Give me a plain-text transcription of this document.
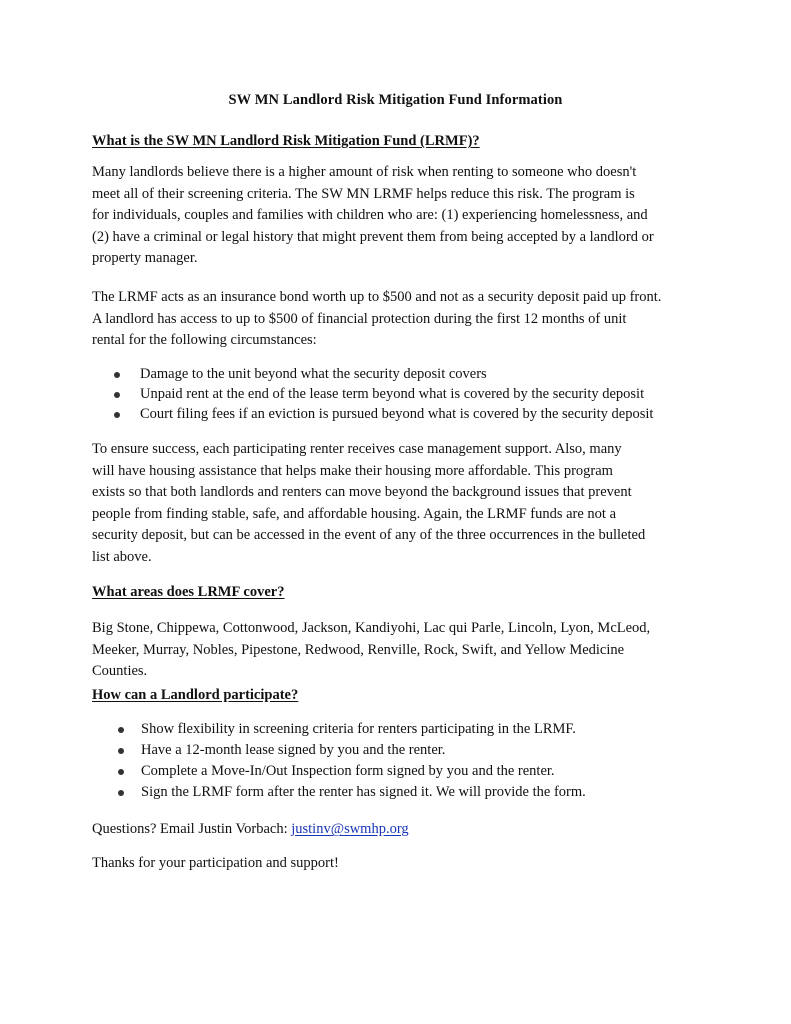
SW MN Landlord Risk Mitigation Fund Information
What is the SW MN Landlord Risk Mitigation Fund (LRMF)?
Many landlords believe there is a higher amount of risk when renting to someone who doesn't
meet all of their screening criteria. The SW MN LRMF helps reduce this risk. The program is
for individuals, couples and families with children who are: (1) experiencing homelessness, and
(2) have a criminal or legal history that might prevent them from being accepted by a landlord or
property manager.
The LRMF acts as an insurance bond worth up to $500 and not as a security deposit paid up front.
A landlord has access to up to $500 of financial protection during the first 12 months of unit
rental for the following circumstances:
Damage to the unit beyond what the security deposit covers
Unpaid rent at the end of the lease term beyond what is covered by the security deposit
Court filing fees if an eviction is pursued beyond what is covered by the security deposit
To ensure success, each participating renter receives case management support. Also, many
will have housing assistance that helps make their housing more affordable. This program
exists so that both landlords and renters can move beyond the background issues that prevent
people from finding stable, safe, and affordable housing. Again, the LRMF funds are not a
security deposit, but can be accessed in the event of any of the three occurrences in the bulleted
list above.
What areas does LRMF cover?
Big Stone, Chippewa, Cottonwood, Jackson, Kandiyohi, Lac qui Parle, Lincoln, Lyon, McLeod,
Meeker, Murray, Nobles, Pipestone, Redwood, Renville, Rock, Swift, and Yellow Medicine
Counties.
How can a Landlord participate?
Show flexibility in screening criteria for renters participating in the LRMF.
Have a 12-month lease signed by you and the renter.
Complete a Move-In/Out Inspection form signed by you and the renter.
Sign the LRMF form after the renter has signed it. We will provide the form.
Questions? Email Justin Vorbach: justinv@swmhp.org
Thanks for your participation and support!
